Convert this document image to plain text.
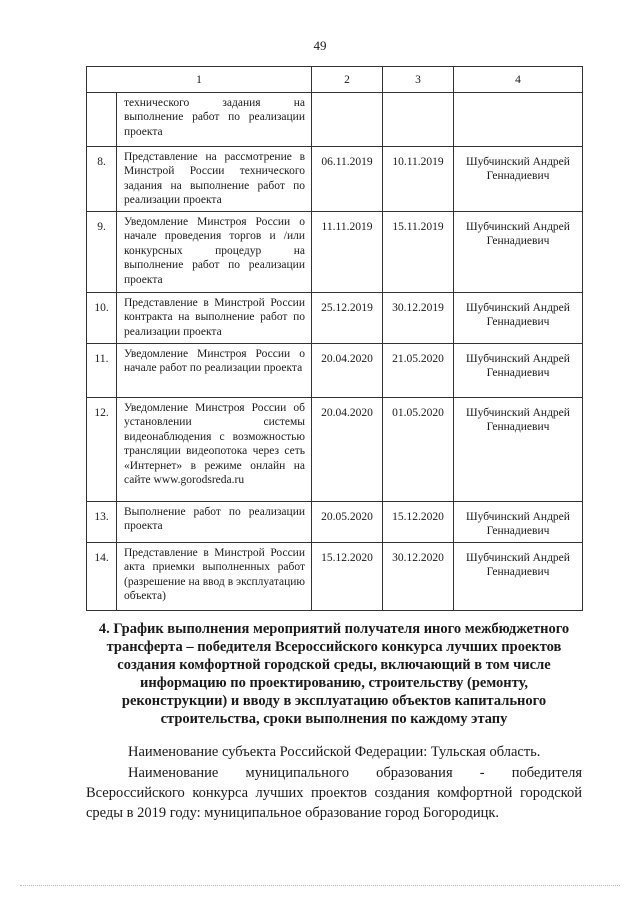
49
1		2	3	4
	технического задания на выполнение работ по реализации проекта			
8.	Представление на рассмотрение в Минстрой России технического задания на выполнение работ по реализации проекта	06.11.2019	10.11.2019	Шубчинский Андрей Геннадиевич
9.	Уведомление Минстроя России о начале проведения торгов и /или конкурсных процедур на выполнение работ по реализации проекта	11.11.2019	15.11.2019	Шубчинский Андрей Геннадиевич
10.	Представление в Минстрой России контракта на выполнение работ по реализации проекта	25.12.2019	30.12.2019	Шубчинский Андрей Геннадиевич
11.	Уведомление Минстроя России о начале работ по реализации проекта	20.04.2020	21.05.2020	Шубчинский Андрей Геннадиевич
12.	Уведомление Минстроя России об установлении системы видеонаблюдения с возможностью трансляции видеопотока через сеть «Интернет» в режиме онлайн на сайте www.gorodsreda.ru	20.04.2020	01.05.2020	Шубчинский Андрей Геннадиевич
13.	Выполнение работ по реализации проекта	20.05.2020	15.12.2020	Шубчинский Андрей Геннадиевич
14.	Представление в Минстрой России акта приемки выполненных работ (разрешение на ввод в эксплуатацию объекта)	15.12.2020	30.12.2020	Шубчинский Андрей Геннадиевич
4. График выполнения мероприятий получателя иного межбюджетного трансферта – победителя Всероссийского конкурса лучших проектов создания комфортной городской среды, включающий в том числе информацию по проектированию, строительству (ремонту, реконструкции) и вводу в эксплуатацию объектов капитального строительства, сроки выполнения по каждому этапу

Наименование субъекта Российской Федерации: Тульская область.

Наименование муниципального образования - победителя Всероссийского конкурса лучших проектов создания комфортной городской среды в 2019 году: муниципальное образование город Богородицк.
